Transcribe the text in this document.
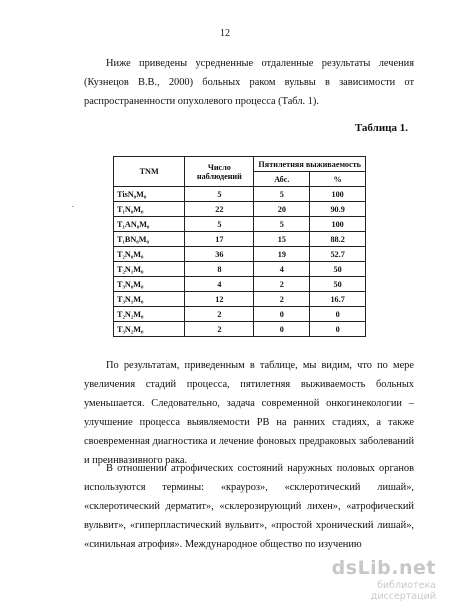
12

Ниже приведены усредненные отдаленные результаты лечения (Кузнецов В.В., 2000) больных раком вульвы в зависимости от распространенности опухолевого процесса (Табл. 1).

Таблица 1.
.
TNM	Число наблюдений	Пятилетняя выживаемость	
		Абс.	%
TisN₀M₀	5	5	100
T₁N₀M₀	22	20	90.9
T₁AN₀M₀	5	5	100
T₁BN₀M₀	17	15	88.2
T₂N₀M₀	36	19	52.7
T₂N₁M₀	8	4	50
T₃N₀M₀	4	2	50
T₃N₁M₀	12	2	16.7
T₂N₂M₀	2	0	0
T₃N₂M₀	2	0	0

По результатам, приведенным в таблице, мы видим, что по мере увеличения стадий процесса, пятилетняя выживаемость больных уменьшается. Следовательно, задача современной онкогинекологии – улучшение процесса выявляемости РВ на ранних стадиях, а также своевременная диагностика и лечение фоновых предраковых заболеваний и преинвазивного рака.

В отношении атрофических состояний наружных половых органов используются термины: «крауроз», «склеротический лишай», «склеротический дерматит», «склерозирующий лихен», «атрофический вульвит», «гиперпластический вульвит», «простой хронический лишай», «синильная атрофия». Международное общество по изучению

dsLib.net
библиотека диссертаций
